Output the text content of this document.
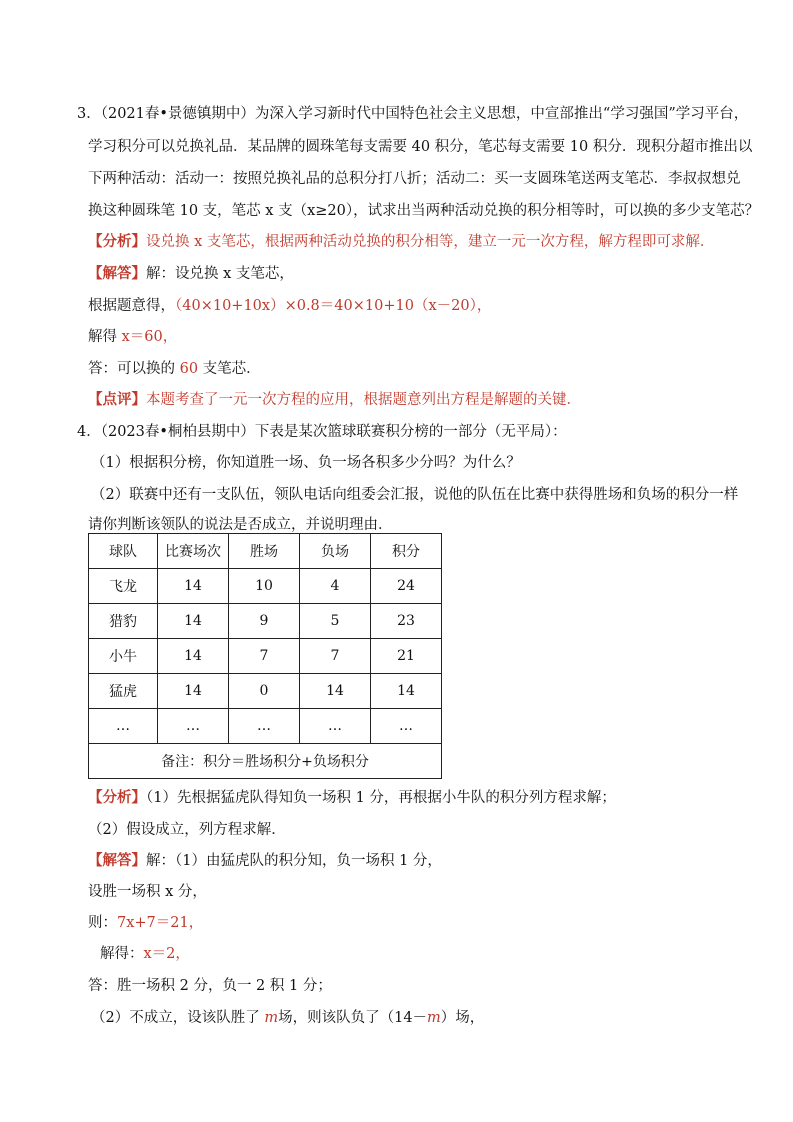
3．（2021春•景德镇期中）为深入学习新时代中国特色社会主义思想，中宣部推出“学习强国”学习平台，
学习积分可以兑换礼品．某品牌的圆珠笔每支需要 40 积分，笔芯每支需要 10 积分．现积分超市推出以
下两种活动：活动一：按照兑换礼品的总积分打八折；活动二：买一支圆珠笔送两支笔芯．李叔叔想兑
换这种圆珠笔 10 支，笔芯 x 支（x≥20），试求出当两种活动兑换的积分相等时，可以换的多少支笔芯？
【分析】设兑换 x 支笔芯，根据两种活动兑换的积分相等，建立一元一次方程，解方程即可求解．
【解答】解：设兑换 x 支笔芯，
根据题意得，（40×10+10x）×0.8＝40×10+10（x－20），
解得 x＝60，
答：可以换的 60 支笔芯．
【点评】本题考查了一元一次方程的应用，根据题意列出方程是解题的关键．
4．（2023春•桐柏县期中）下表是某次篮球联赛积分榜的一部分（无平局）：
（1）根据积分榜，你知道胜一场、负一场各积多少分吗？为什么？
（2）联赛中还有一支队伍，领队电话向组委会汇报，说他的队伍在比赛中获得胜场和负场的积分一样
请你判断该领队的说法是否成立，并说明理由．
球队	比赛场次	胜场	负场	积分
飞龙	14	10	4	24
猎豹	14	9	5	23
小牛	14	7	7	21
猛虎	14	0	14	14
…	…	…	…	…
备注：积分＝胜场积分+负场积分				
【分析】（1）先根据猛虎队得知负一场积 1 分，再根据小牛队的积分列方程求解；
（2）假设成立，列方程求解．
【解答】解：（1）由猛虎队的积分知，负一场积 1 分，
设胜一场积 x 分，
则：7x+7＝21，
解得：x＝2，
答：胜一场积 2 分，负一 2 积 1 分；
（2）不成立，设该队胜了 m场，则该队负了（14－m）场，
